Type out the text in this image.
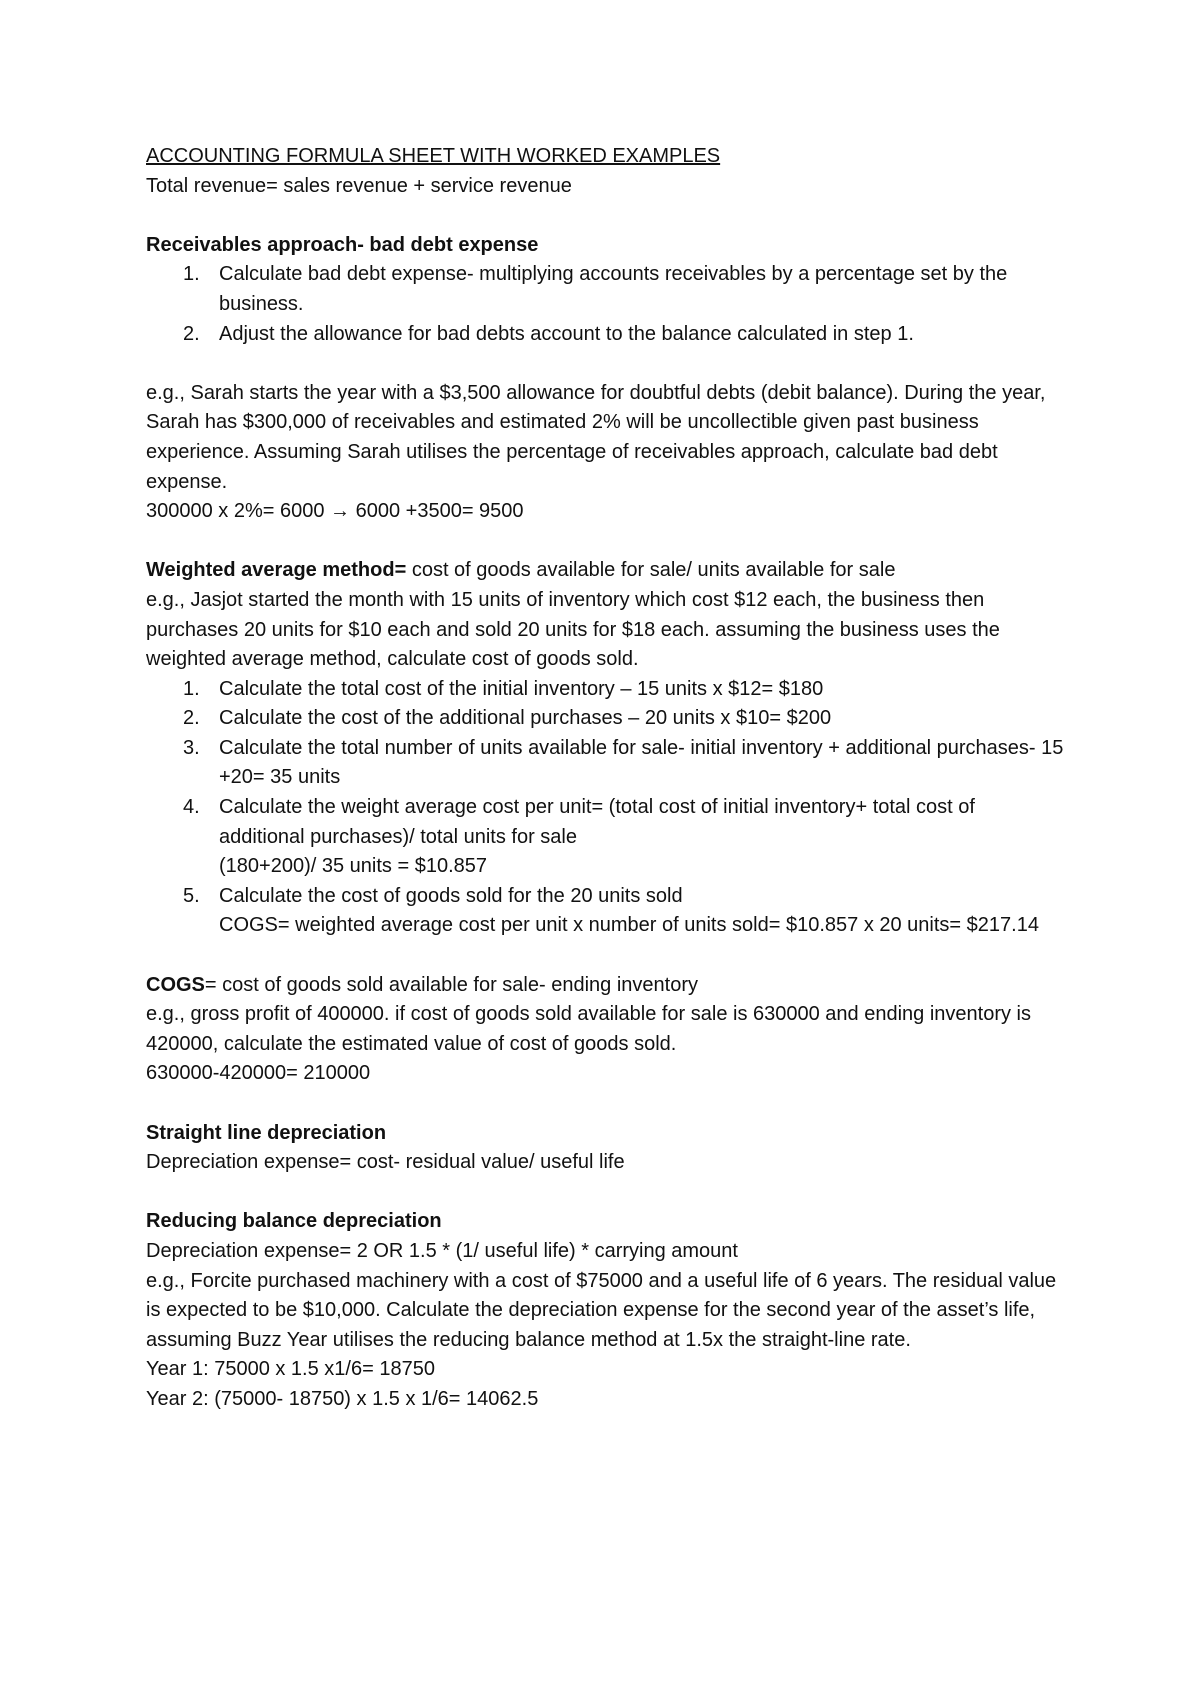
ACCOUNTING FORMULA SHEET WITH WORKED EXAMPLES
Total revenue= sales revenue + service revenue
Receivables approach- bad debt expense
1. Calculate bad debt expense- multiplying accounts receivables by a percentage set by the business.
2. Adjust the allowance for bad debts account to the balance calculated in step 1.
e.g., Sarah starts the year with a $3,500 allowance for doubtful debts (debit balance). During the year, Sarah has $300,000 of receivables and estimated 2% will be uncollectible given past business experience. Assuming Sarah utilises the percentage of receivables approach, calculate bad debt expense.
300000 x 2%= 6000 → 6000 +3500= 9500
Weighted average method= cost of goods available for sale/ units available for sale
e.g., Jasjot started the month with 15 units of inventory which cost $12 each, the business then purchases 20 units for $10 each and sold 20 units for $18 each. assuming the business uses the weighted average method, calculate cost of goods sold.
1. Calculate the total cost of the initial inventory – 15 units x $12= $180
2. Calculate the cost of the additional purchases – 20 units x $10= $200
3. Calculate the total number of units available for sale- initial inventory + additional purchases- 15 +20= 35 units
4. Calculate the weight average cost per unit= (total cost of initial inventory+ total cost of additional purchases)/ total units for sale
(180+200)/ 35 units = $10.857
5. Calculate the cost of goods sold for the 20 units sold
COGS= weighted average cost per unit x number of units sold= $10.857 x 20 units= $217.14
COGS= cost of goods sold available for sale- ending inventory
e.g., gross profit of 400000. if cost of goods sold available for sale is 630000 and ending inventory is 420000, calculate the estimated value of cost of goods sold.
630000-420000= 210000
Straight line depreciation
Depreciation expense= cost- residual value/ useful life
Reducing balance depreciation
Depreciation expense= 2 OR 1.5 * (1/ useful life) * carrying amount
e.g., Forcite purchased machinery with a cost of $75000 and a useful life of 6 years. The residual value is expected to be $10,000. Calculate the depreciation expense for the second year of the asset’s life, assuming Buzz Year utilises the reducing balance method at 1.5x the straight-line rate.
Year 1: 75000 x 1.5 x1/6= 18750
Year 2: (75000- 18750) x 1.5 x 1/6= 14062.5
